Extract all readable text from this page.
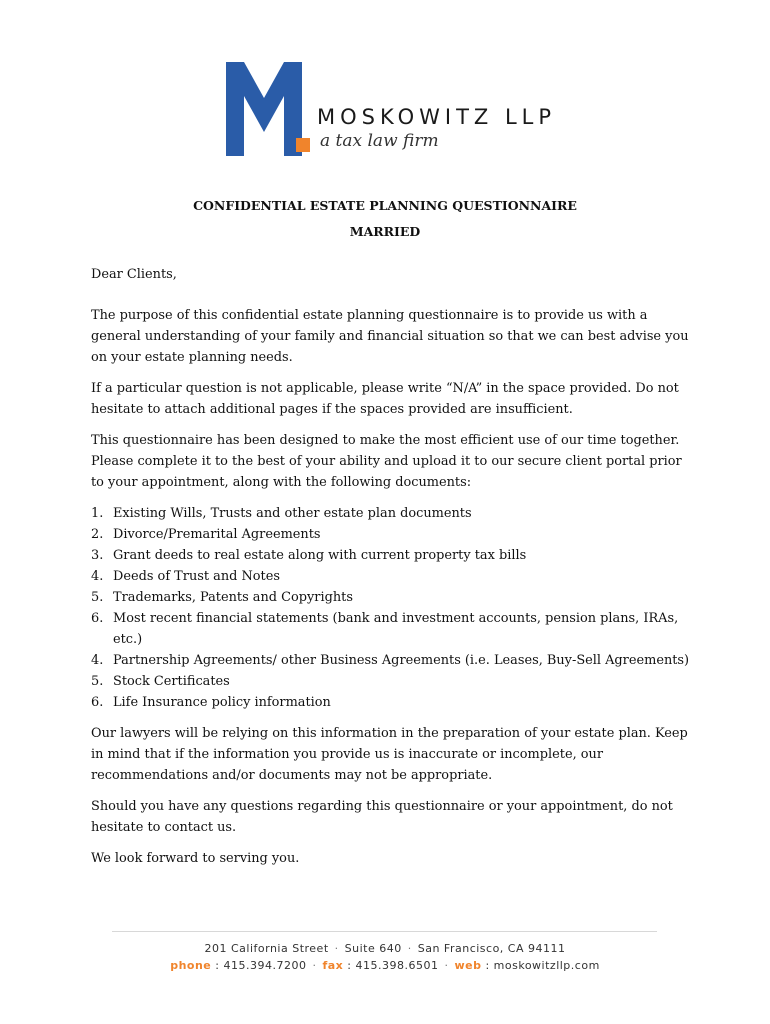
MOSKOWITZ LLP
a tax law firm
CONFIDENTIAL ESTATE PLANNING QUESTIONNAIRE
MARRIED

Dear Clients,

The purpose of this confidential estate planning questionnaire is to provide us with a general understanding of your family and financial situation so that we can best advise you on your estate planning needs.

If a particular question is not applicable, please write “N/A” in the space provided. Do not hesitate to attach additional pages if the spaces provided are insufficient.

This questionnaire has been designed to make the most efficient use of our time together. Please complete it to the best of your ability and upload it to our secure client portal prior to your appointment, along with the following documents:

1. Existing Wills, Trusts and other estate plan documents
2. Divorce/Premarital Agreements
3. Grant deeds to real estate along with current property tax bills
4. Deeds of Trust and Notes
5. Trademarks, Patents and Copyrights
6. Most recent financial statements (bank and investment accounts, pension plans, IRAs, etc.)
4. Partnership Agreements/ other Business Agreements (i.e. Leases, Buy-Sell Agreements)
5. Stock Certificates
6. Life Insurance policy information

Our lawyers will be relying on this information in the preparation of your estate plan. Keep in mind that if the information you provide us is inaccurate or incomplete, our recommendations and/or documents may not be appropriate.

Should you have any questions regarding this questionnaire or your appointment, do not hesitate to contact us.

We look forward to serving you.

201 California Street · Suite 640 · San Francisco, CA 94111
phone : 415.394.7200 · fax : 415.398.6501 · web : moskowitzllp.com
